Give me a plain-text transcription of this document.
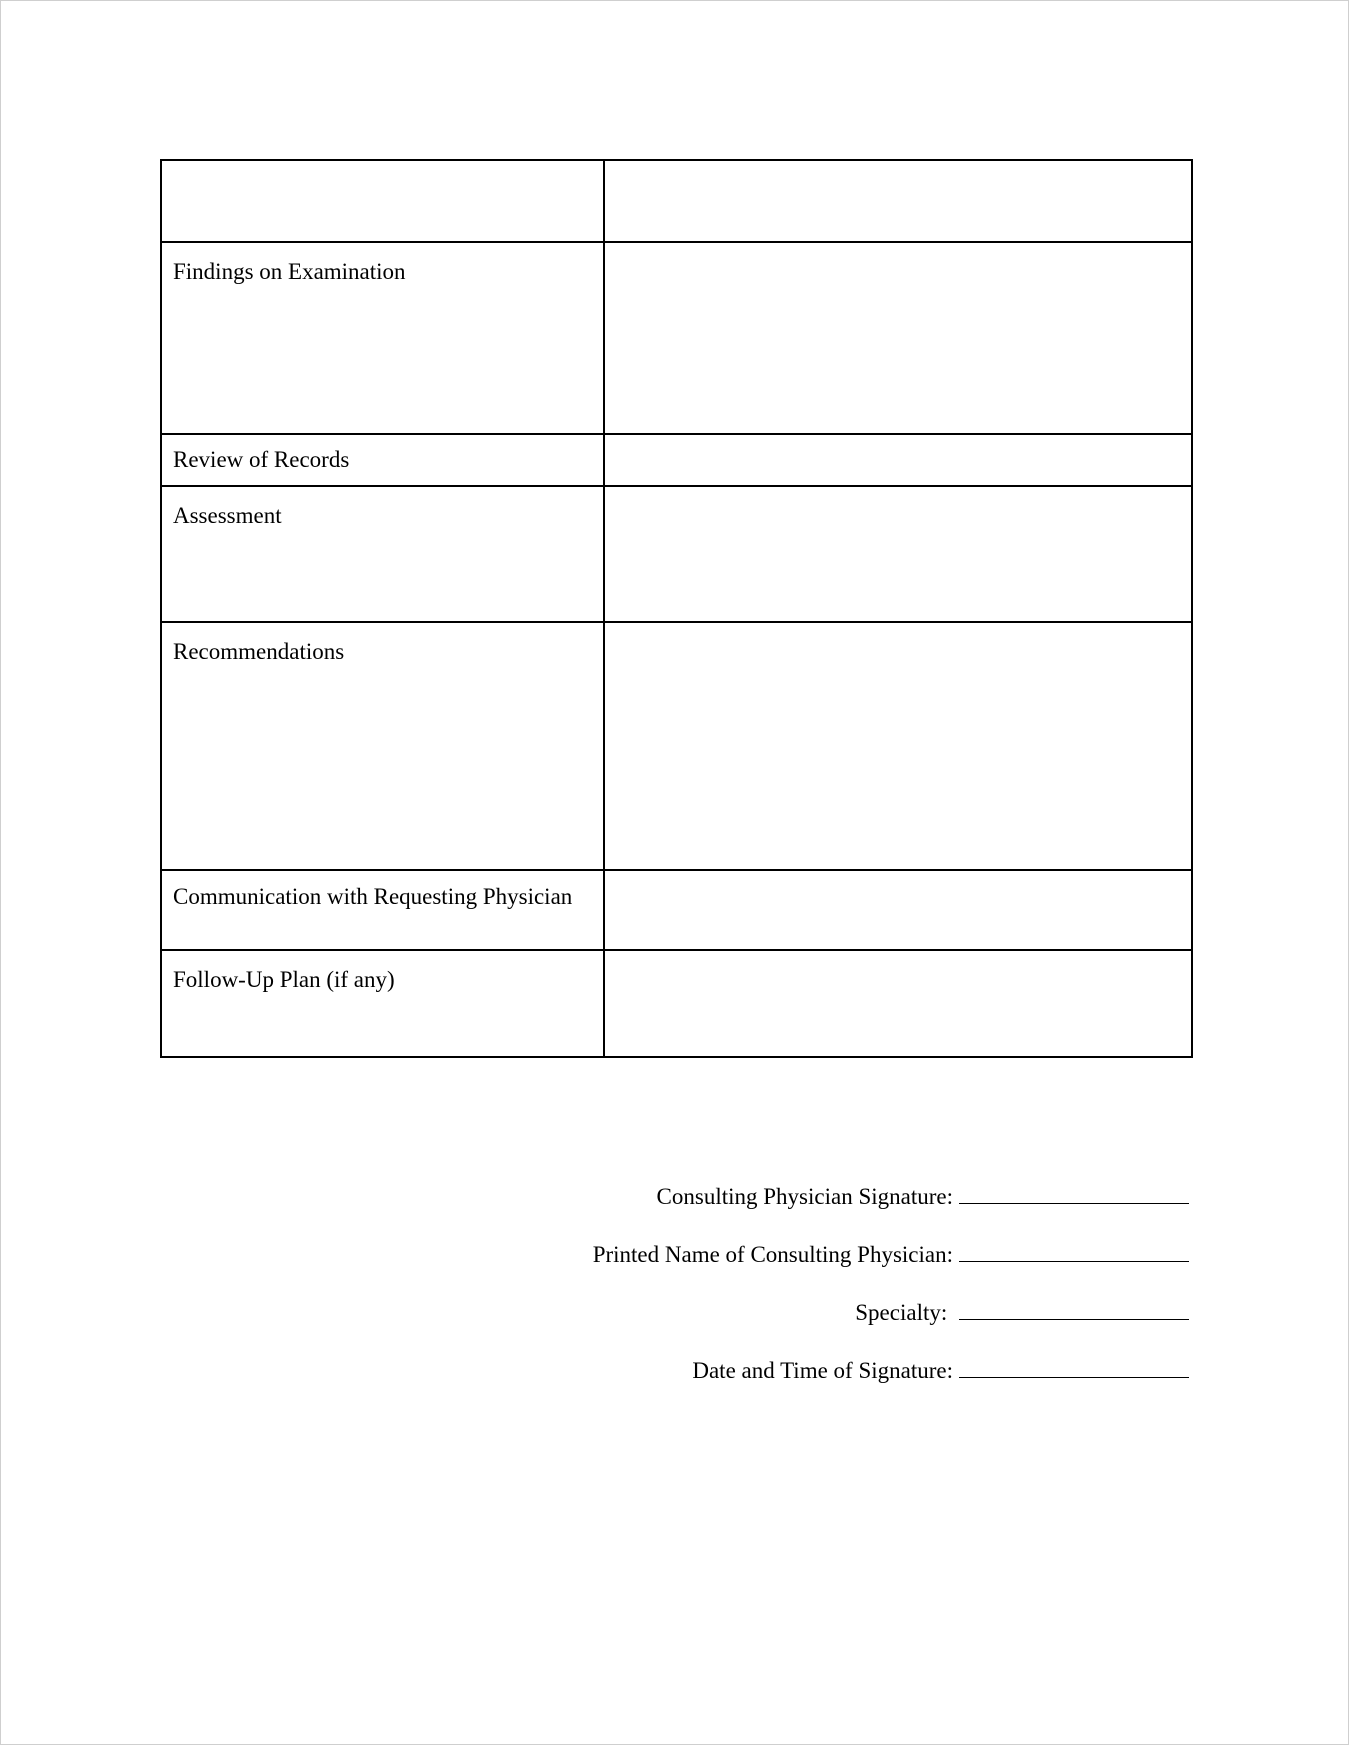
Findings on Examination	
Review of Records	
Assessment	
Recommendations	
Communication with Requesting Physician	
Follow-Up Plan (if any)	
Consulting Physician Signature:
Printed Name of Consulting Physician:
Specialty:
Date and Time of Signature:
